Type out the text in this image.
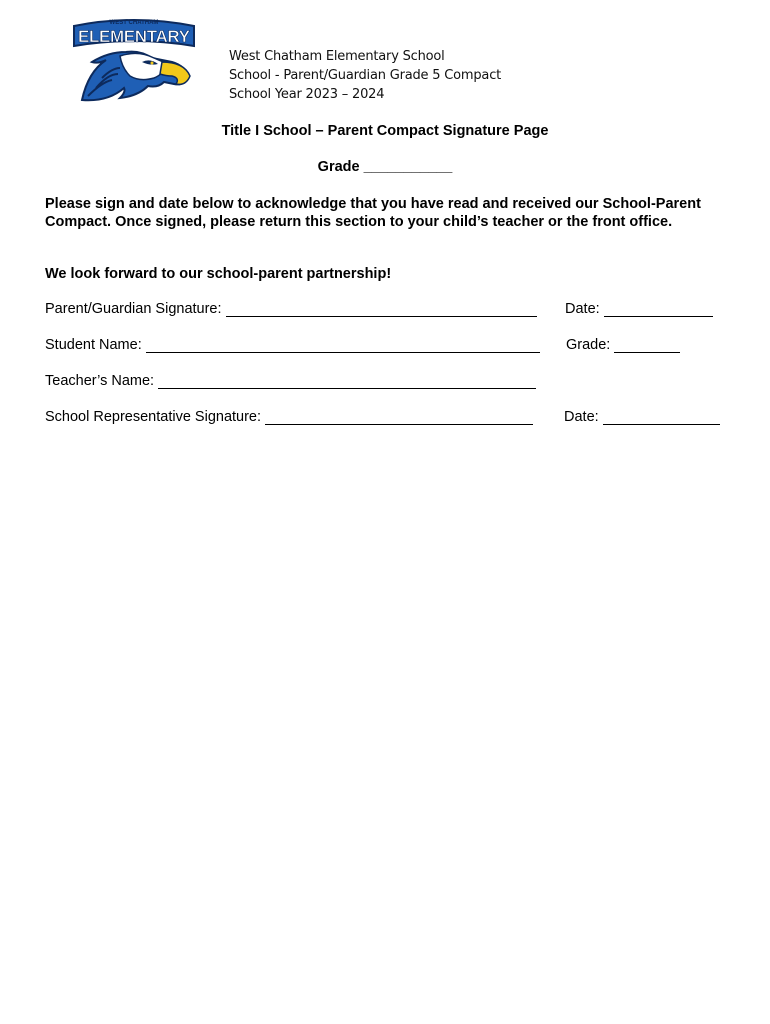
WEST CHATHAM
ELEMENTARY
West Chatham Elementary School
School - Parent/Guardian Grade 5 Compact
School Year 2023 – 2024
Title I School – Parent Compact Signature Page
Grade ___________
Please sign and date below to acknowledge that you have read and received our School-Parent Compact. Once signed, please return this section to your child’s teacher or the front office.
We look forward to our school-parent partnership!
Parent/Guardian Signature:	Date:
Student Name:	Grade:
Teacher’s Name:
School Representative Signature:	Date:
